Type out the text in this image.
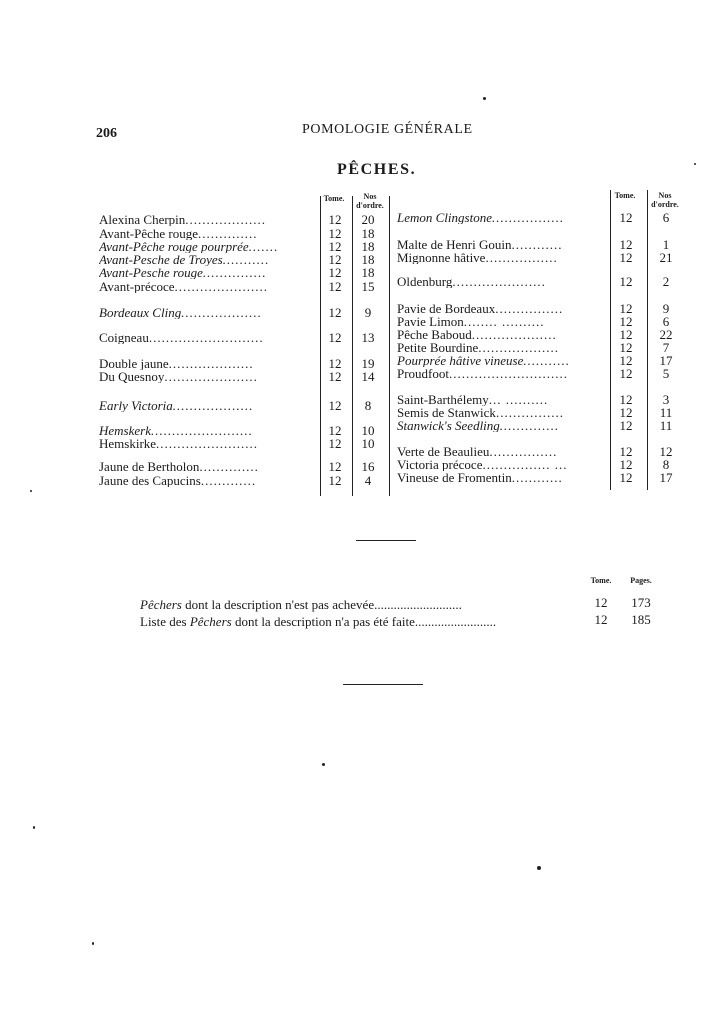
206	POMOLOGIE GÉNÉRALE
PÊCHES.
Tome.	Nos
d'ordre.
Tome.	Nos
d'ordre.
Alexina Cherpin...................	12	20
Avant-Pêche rouge..............	12	18
Avant-Pêche rouge pourprée.......	12	18
Avant-Pesche de Troyes...........	12	18
Avant-Pesche rouge...............	12	18
Avant-précoce......................	12	15
Bordeaux Cling...................	12	9
Coigneau...........................	12	13
Double jaune....................	12	19
Du Quesnoy......................	12	14
Early Victoria...................	12	8
Hemskerk........................	12	10
Hemskirke........................	12	10
Jaune de Bertholon..............	12	16
Jaune des Capucins.............	12	4
Lemon Clingstone.................	12	6
Malte de Henri Gouin............	12	1
Mignonne hâtive.................	12	21
Oldenburg......................	12	2
Pavie de Bordeaux................	12	9
Pavie Limon........ ..........	12	6
Pêche Baboud....................	12	22
Petite Bourdine...................	12	7
Pourprée hâtive vineuse...........	12	17
Proudfoot............................	12	5
Saint-Barthélemy... ..........	12	3
Semis de Stanwick................	12	11
Stanwick's Seedling..............	12	11
Verte de Beaulieu................	12	12
Victoria précoce................ ...	12	8
Vineuse de Fromentin............	12	17
Tome.	Pages.
Pêchers dont la description n'est pas achevée...........................	12	173
Liste des Pêchers dont la description n'a pas été faite.........................	12	185
